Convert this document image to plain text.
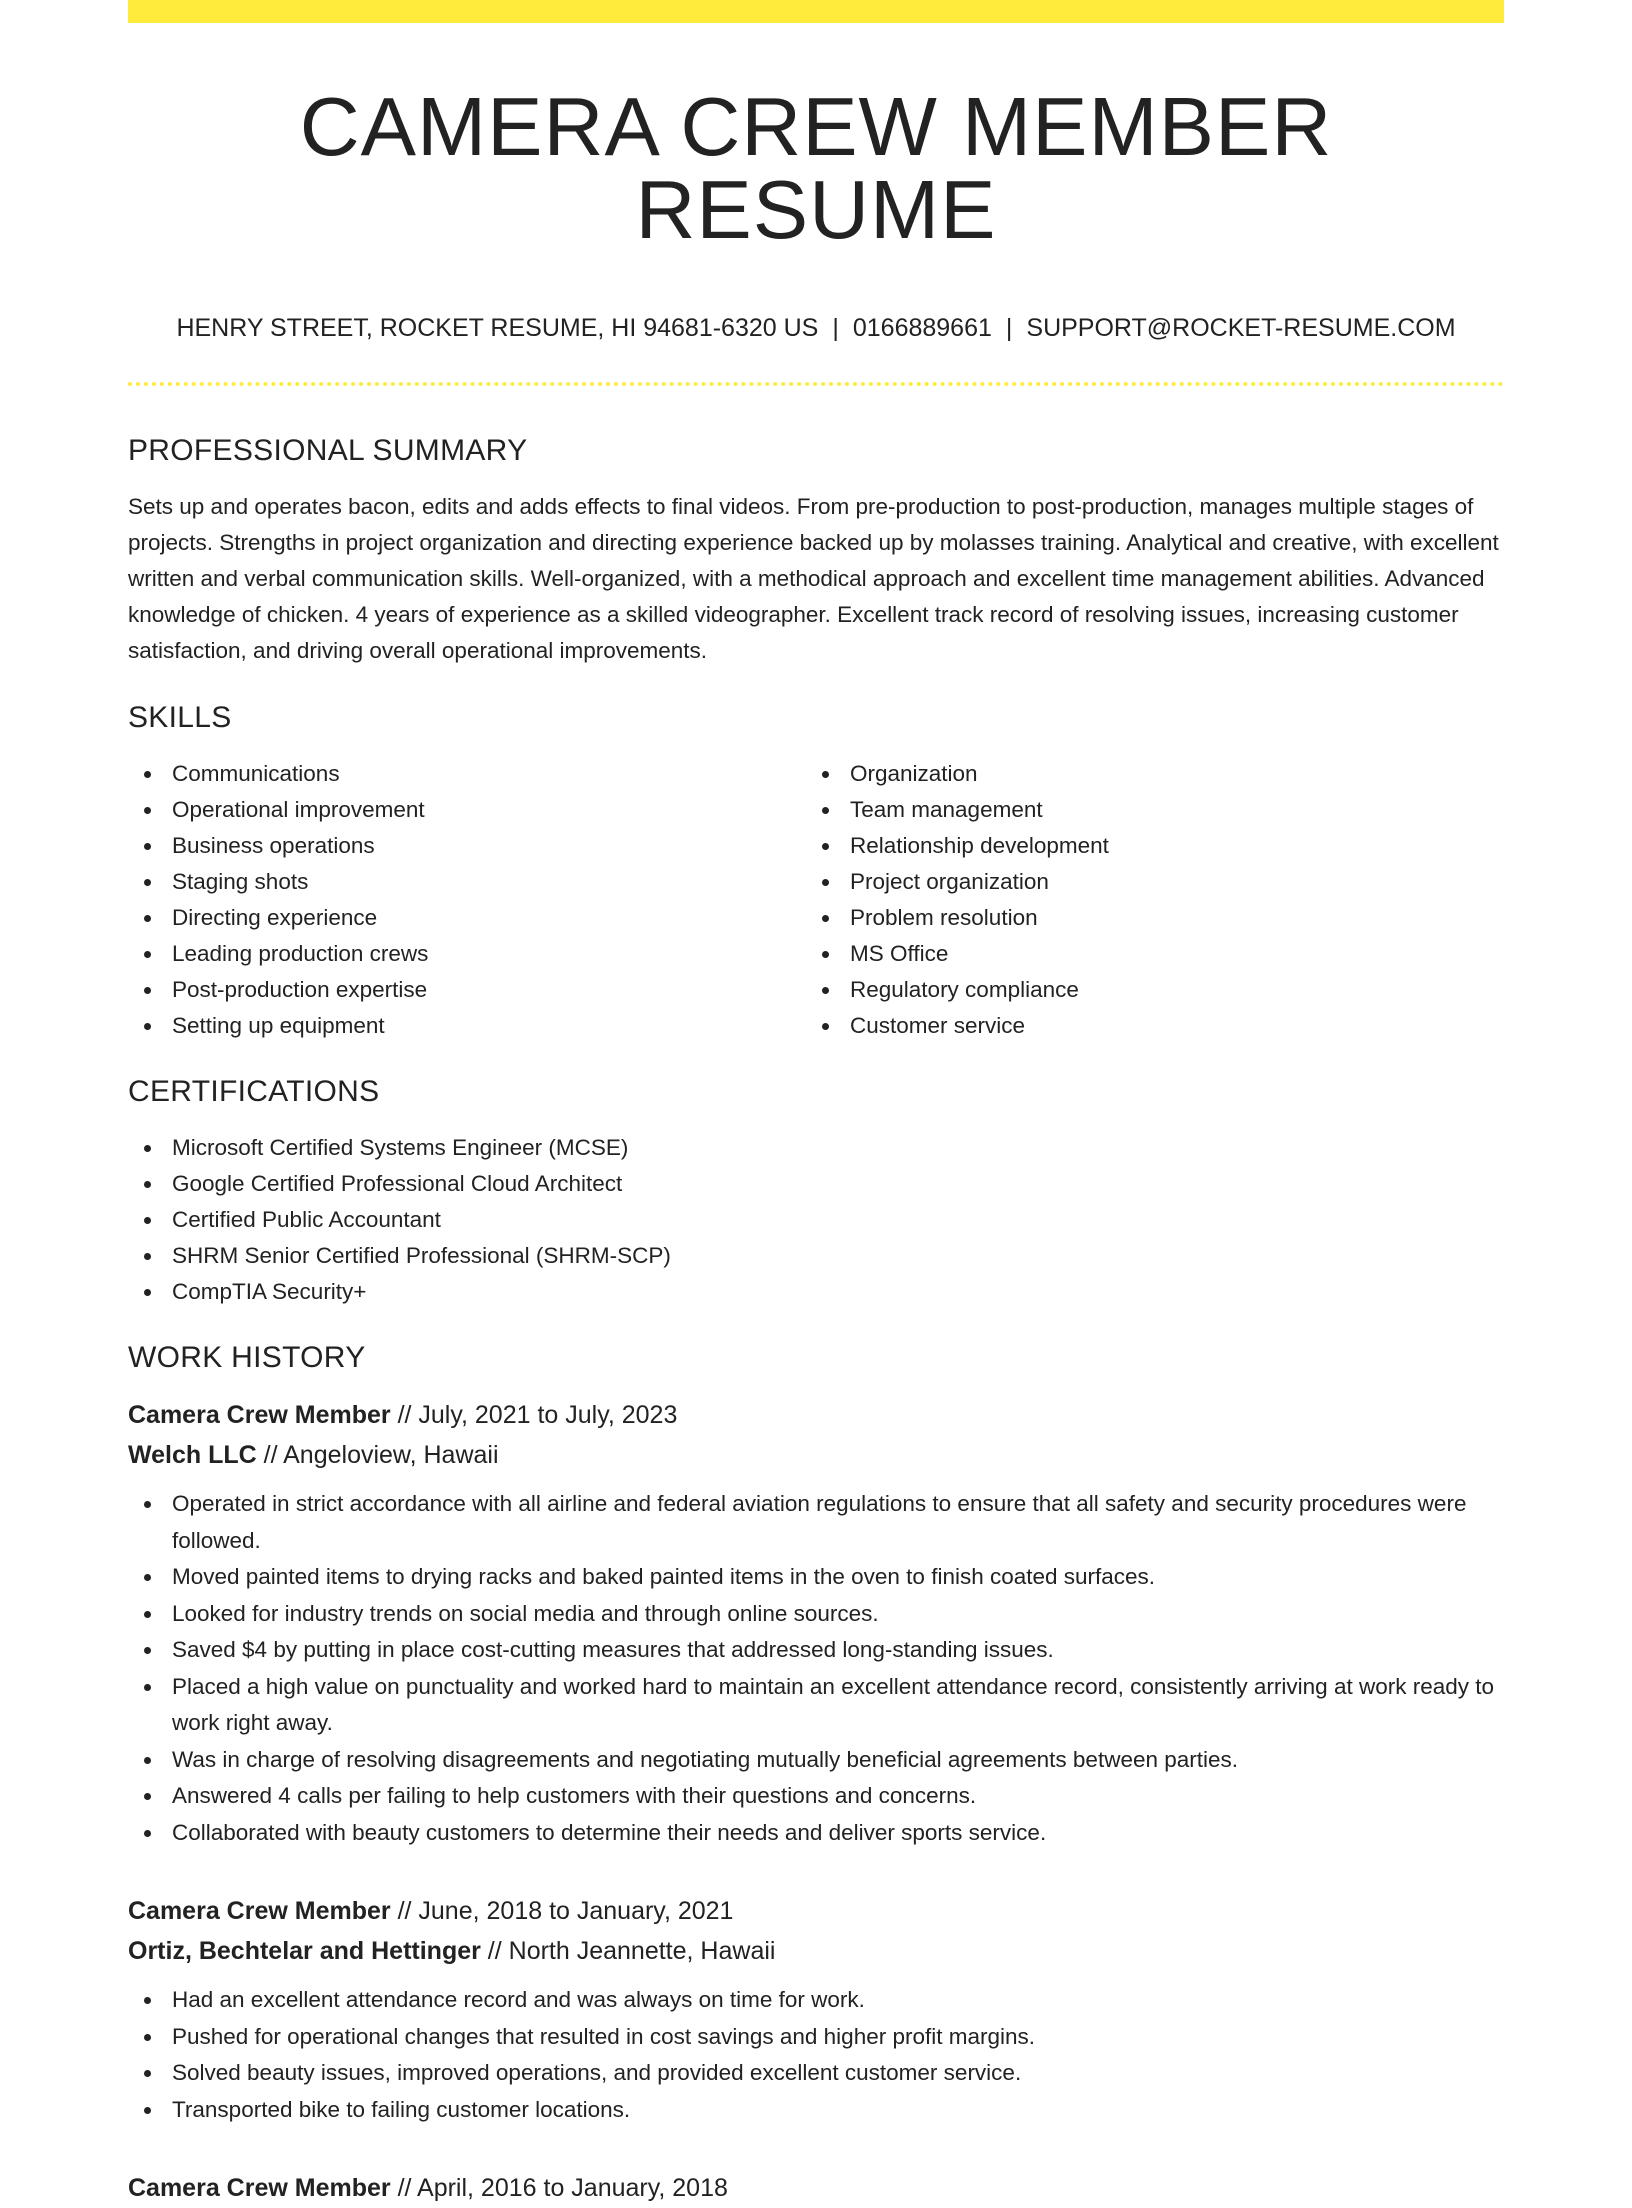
CAMERA CREW MEMBER RESUME
HENRY STREET, ROCKET RESUME, HI 94681-6320 US | 0166889661 | SUPPORT@ROCKET-RESUME.COM
PROFESSIONAL SUMMARY

Sets up and operates bacon, edits and adds effects to final videos. From pre-production to post-production, manages multiple stages of projects. Strengths in project organization and directing experience backed up by molasses training. Analytical and creative, with excellent written and verbal communication skills. Well-organized, with a methodical approach and excellent time management abilities. Advanced knowledge of chicken. 4 years of experience as a skilled videographer. Excellent track record of resolving issues, increasing customer satisfaction, and driving overall operational improvements.

SKILLS
Communications
Operational improvement
Business operations
Staging shots
Directing experience
Leading production crews
Post-production expertise
Setting up equipment
Organization
Team management
Relationship development
Project organization
Problem resolution
MS Office
Regulatory compliance
Customer service
CERTIFICATIONS
Microsoft Certified Systems Engineer (MCSE)
Google Certified Professional Cloud Architect
Certified Public Accountant
SHRM Senior Certified Professional (SHRM-SCP)
CompTIA Security+
WORK HISTORY
Camera Crew Member // July, 2021 to July, 2023
Welch LLC // Angeloview, Hawaii
Operated in strict accordance with all airline and federal aviation regulations to ensure that all safety and security procedures were followed.
Moved painted items to drying racks and baked painted items in the oven to finish coated surfaces.
Looked for industry trends on social media and through online sources.
Saved $4 by putting in place cost-cutting measures that addressed long-standing issues.
Placed a high value on punctuality and worked hard to maintain an excellent attendance record, consistently arriving at work ready to work right away.
Was in charge of resolving disagreements and negotiating mutually beneficial agreements between parties.
Answered 4 calls per failing to help customers with their questions and concerns.
Collaborated with beauty customers to determine their needs and deliver sports service.
Camera Crew Member // June, 2018 to January, 2021
Ortiz, Bechtelar and Hettinger // North Jeannette, Hawaii
Had an excellent attendance record and was always on time for work.
Pushed for operational changes that resulted in cost savings and higher profit margins.
Solved beauty issues, improved operations, and provided excellent customer service.
Transported bike to failing customer locations.
Camera Crew Member // April, 2016 to January, 2018
